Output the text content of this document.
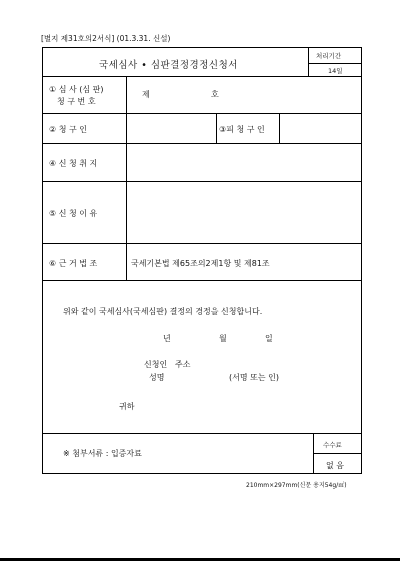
[별지 제31호의2서식] (01.3.31. 신설)
국세심사 • 심판결정경정신청서
처리기간
14일
① 심 사 (심 판)
청 구 번 호
제	호
② 청 구 인	③피 청 구 인
④ 신 청 취 지
⑤ 신 청 이 유
⑥ 근 거 법 조	국세기본법 제65조의2제1항 및 제81조
위와 같이 국세심사(국세심판) 결정의 경정을 신청합니다.
년	월	일
신청인 주소
성명	(서명 또는 인)
귀하
※ 첨부서류 : 입증자료
수수료
없 음
210mm×297mm(신문 용지54g/㎡)
